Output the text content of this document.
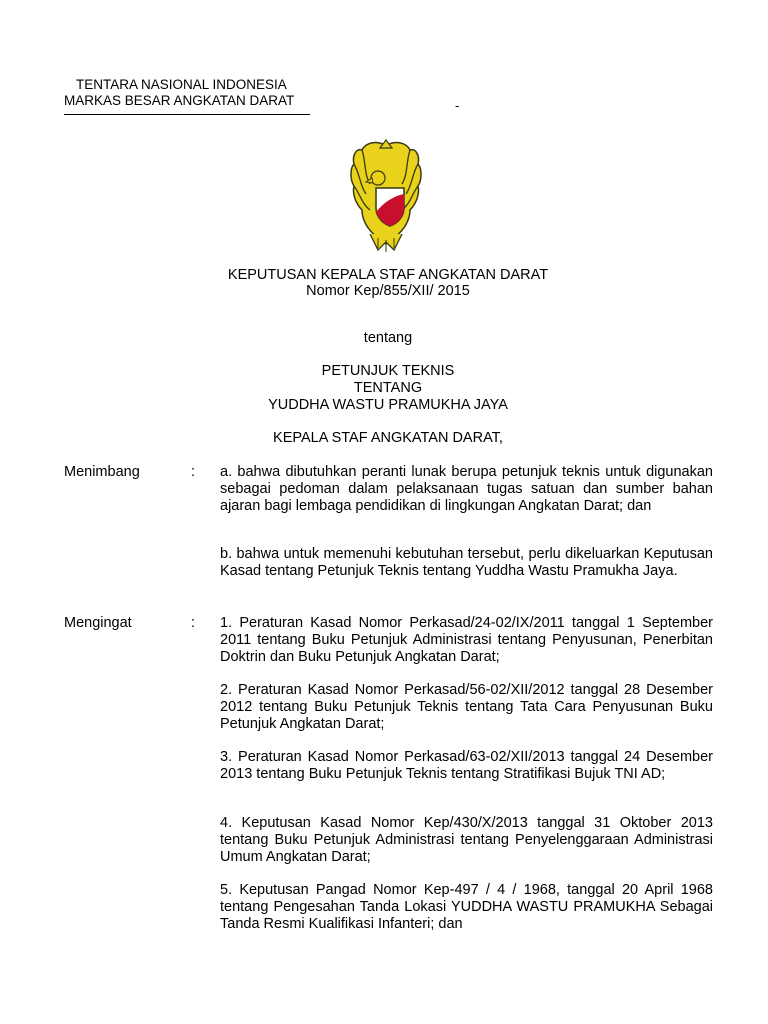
TENTARA NASIONAL INDONESIA
MARKAS BESAR ANGKATAN DARAT	-
KEPUTUSAN KEPALA STAF ANGKATAN DARAT
Nomor Kep/855/XII/ 2015
tentang
PETUNJUK TEKNIS
TENTANG
YUDDHA WASTU PRAMUKHA JAYA
KEPALA STAF ANGKATAN DARAT,
Menimbang	: a. bahwa dibutuhkan peranti lunak berupa petunjuk teknis untuk digunakan sebagai pedoman dalam pelaksanaan tugas satuan dan sumber bahan ajaran bagi lembaga pendidikan di lingkungan Angkatan Darat; dan

b. bahwa untuk memenuhi kebutuhan tersebut, perlu dikeluarkan Keputusan Kasad tentang Petunjuk Teknis tentang Yuddha Wastu Pramukha Jaya.

Mengingat	: 1. Peraturan Kasad Nomor Perkasad/24-02/IX/2011 tanggal 1 September 2011 tentang Buku Petunjuk Administrasi tentang Penyusunan, Penerbitan Doktrin dan Buku Petunjuk Angkatan Darat;

2. Peraturan Kasad Nomor Perkasad/56-02/XII/2012 tanggal 28 Desember 2012 tentang Buku Petunjuk Teknis tentang Tata Cara Penyusunan Buku Petunjuk Angkatan Darat;

3. Peraturan Kasad Nomor Perkasad/63-02/XII/2013 tanggal 24 Desember 2013 tentang Buku Petunjuk Teknis tentang Stratifikasi Bujuk TNI AD;

4. Keputusan Kasad Nomor Kep/430/X/2013 tanggal 31 Oktober 2013 tentang Buku Petunjuk Administrasi tentang Penyelenggaraan Administrasi Umum Angkatan Darat;

5. Keputusan Pangad Nomor Kep-497 / 4 / 1968, tanggal 20 April 1968 tentang Pengesahan Tanda Lokasi YUDDHA WASTU PRAMUKHA Sebagai Tanda Resmi Kualifikasi Infanteri; dan
